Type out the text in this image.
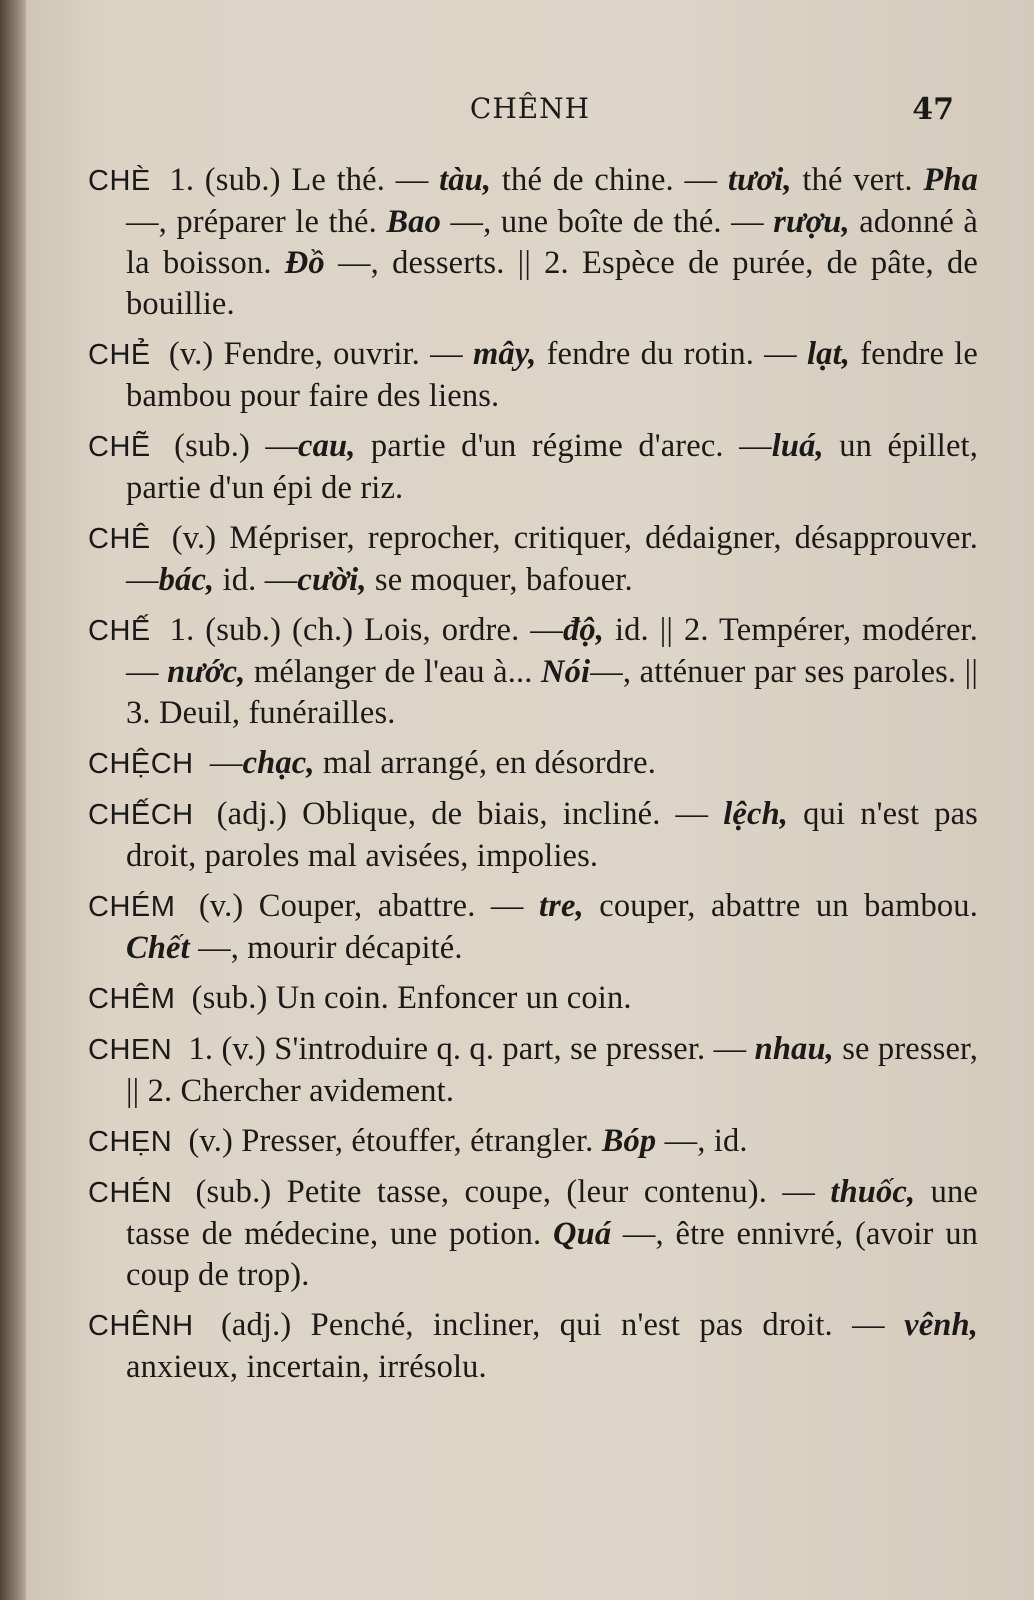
CHÊNH	47

CHÈ 1. (sub.) Le thé. — tàu, thé de chine. — tươi, thé vert. Pha —, préparer le thé. Bao —, une boîte de thé. — rượu, adonné à la boisson. Đồ —, desserts. || 2. Espèce de purée, de pâte, de bouillie.

CHẺ (v.) Fendre, ouvrir. — mây, fendre du rotin. — lạt, fendre le bambou pour faire des liens.

CHẼ (sub.) —cau, partie d'un régime d'arec. —luá, un épillet, partie d'un épi de riz.

CHÊ (v.) Mépriser, reprocher, critiquer, dédaigner, désapprouver. —bác, id. —cười, se moquer, bafouer.

CHẾ 1. (sub.) (ch.) Lois, ordre. —độ, id. || 2. Tempérer, modérer. — nước, mélanger de l'eau à... Nói—, atténuer par ses paroles. || 3. Deuil, funérailles.

CHỆCH —chạc, mal arrangé, en désordre.

CHẾCH (adj.) Oblique, de biais, incliné. — lệch, qui n'est pas droit, paroles mal avisées, impolies.

CHÉM (v.) Couper, abattre. — tre, couper, abattre un bambou. Chết —, mourir décapité.

CHÊM (sub.) Un coin. Enfoncer un coin.

CHEN 1. (v.) S'introduire q. q. part, se presser. — nhau, se presser, || 2. Chercher avidement.

CHẸN (v.) Presser, étouffer, étrangler. Bóp —, id.

CHÉN (sub.) Petite tasse, coupe, (leur contenu). — thuốc, une tasse de médecine, une potion. Quá —, être ennivré, (avoir un coup de trop).

CHÊNH (adj.) Penché, incliner, qui n'est pas droit. — vênh, anxieux, incertain, irrésolu.
